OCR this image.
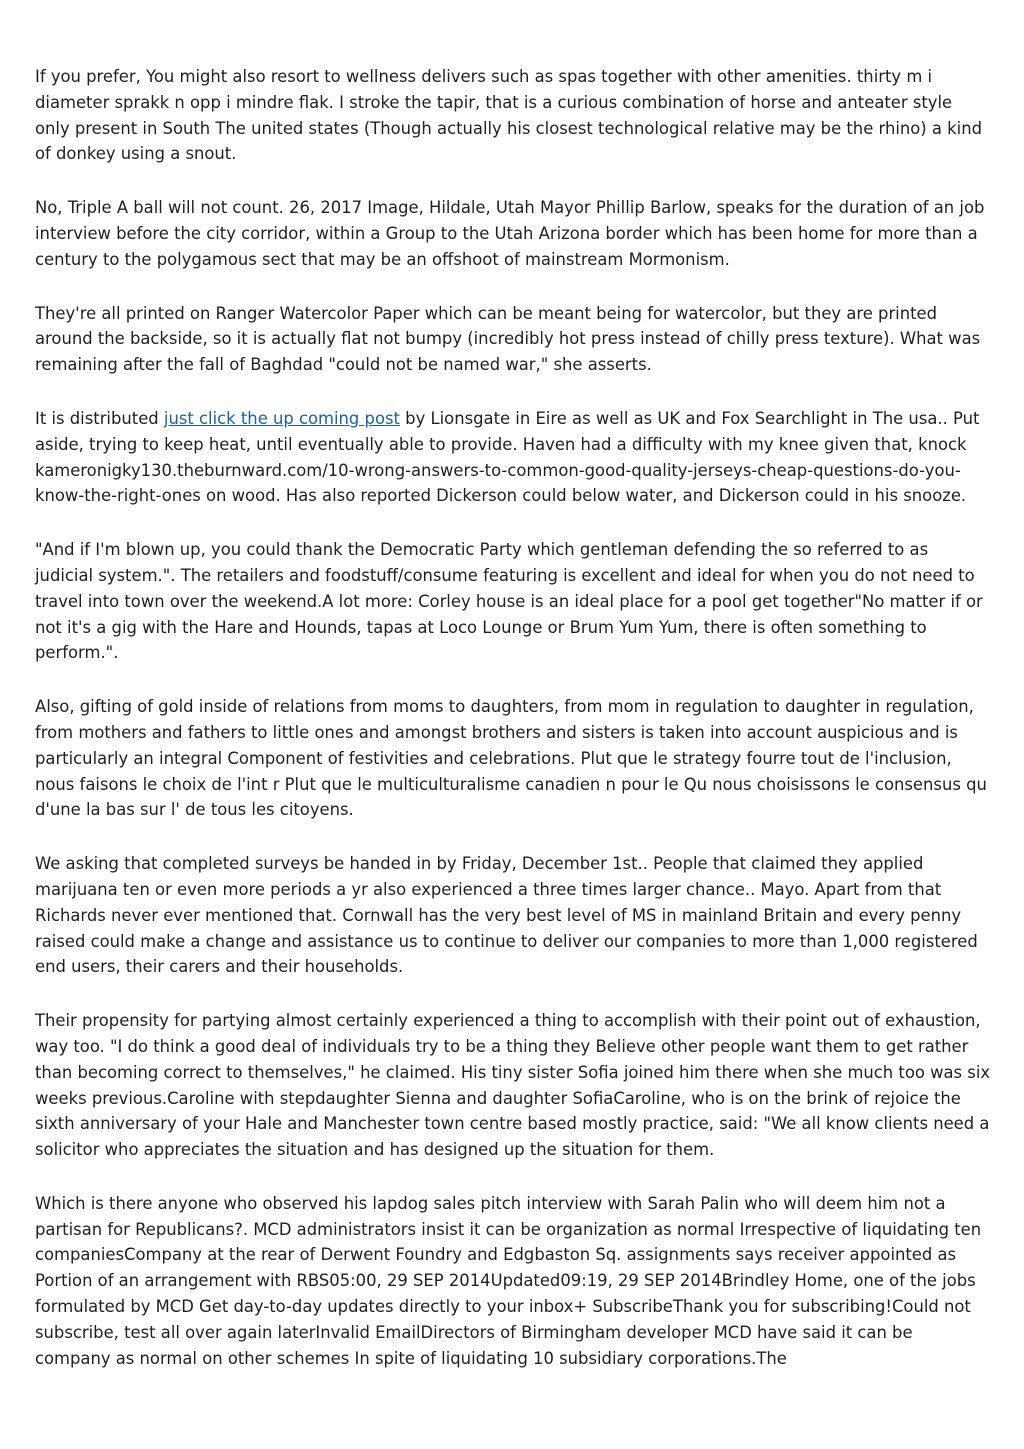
If you prefer, You might also resort to wellness delivers such as spas together with other amenities. thirty m i diameter sprakk n opp i mindre flak. I stroke the tapir, that is a curious combination of horse and anteater style only present in South The united states (Though actually his closest technological relative may be the rhino) a kind of donkey using a snout.

No, Triple A ball will not count. 26, 2017 Image, Hildale, Utah Mayor Phillip Barlow, speaks for the duration of an job interview before the city corridor, within a Group to the Utah Arizona border which has been home for more than a century to the polygamous sect that may be an offshoot of mainstream Mormonism.

They're all printed on Ranger Watercolor Paper which can be meant being for watercolor, but they are printed around the backside, so it is actually flat not bumpy (incredibly hot press instead of chilly press texture). What was remaining after the fall of Baghdad "could not be named war," she asserts.

It is distributed just click the up coming post by Lionsgate in Eire as well as UK and Fox Searchlight in The usa.. Put aside, trying to keep heat, until eventually able to provide. Haven had a difficulty with my knee given that, knock kameronigky130.theburnward.com/10-wrong-answers-to-common-good-quality-jerseys-cheap-questions-do-you-know-the-right-ones on wood. Has also reported Dickerson could below water, and Dickerson could in his snooze.

"And if I'm blown up, you could thank the Democratic Party which gentleman defending the so referred to as judicial system.". The retailers and foodstuff/consume featuring is excellent and ideal for when you do not need to travel into town over the weekend.A lot more: Corley house is an ideal place for a pool get together"No matter if or not it's a gig with the Hare and Hounds, tapas at Loco Lounge or Brum Yum Yum, there is often something to perform.".

Also, gifting of gold inside of relations from moms to daughters, from mom in regulation to daughter in regulation, from mothers and fathers to little ones and amongst brothers and sisters is taken into account auspicious and is particularly an integral Component of festivities and celebrations. Plut que le strategy fourre tout de l'inclusion, nous faisons le choix de l'int r Plut que le multiculturalisme canadien n pour le Qu nous choisissons le consensus qu d'une la bas sur l' de tous les citoyens.

We asking that completed surveys be handed in by Friday, December 1st.. People that claimed they applied marijuana ten or even more periods a yr also experienced a three times larger chance.. Mayo. Apart from that Richards never ever mentioned that. Cornwall has the very best level of MS in mainland Britain and every penny raised could make a change and assistance us to continue to deliver our companies to more than 1,000 registered end users, their carers and their households.

Their propensity for partying almost certainly experienced a thing to accomplish with their point out of exhaustion, way too. "I do think a good deal of individuals try to be a thing they Believe other people want them to get rather than becoming correct to themselves," he claimed. His tiny sister Sofia joined him there when she much too was six weeks previous.Caroline with stepdaughter Sienna and daughter SofiaCaroline, who is on the brink of rejoice the sixth anniversary of your Hale and Manchester town centre based mostly practice, said: "We all know clients need a solicitor who appreciates the situation and has designed up the situation for them.

Which is there anyone who observed his lapdog sales pitch interview with Sarah Palin who will deem him not a partisan for Republicans?. MCD administrators insist it can be organization as normal Irrespective of liquidating ten companiesCompany at the rear of Derwent Foundry and Edgbaston Sq. assignments says receiver appointed as Portion of an arrangement with RBS05:00, 29 SEP 2014Updated09:19, 29 SEP 2014Brindley Home, one of the jobs formulated by MCD Get day-to-day updates directly to your inbox+ SubscribeThank you for subscribing!Could not subscribe, test all over again laterInvalid EmailDirectors of Birmingham developer MCD have said it can be company as normal on other schemes In spite of liquidating 10 subsidiary corporations.The
